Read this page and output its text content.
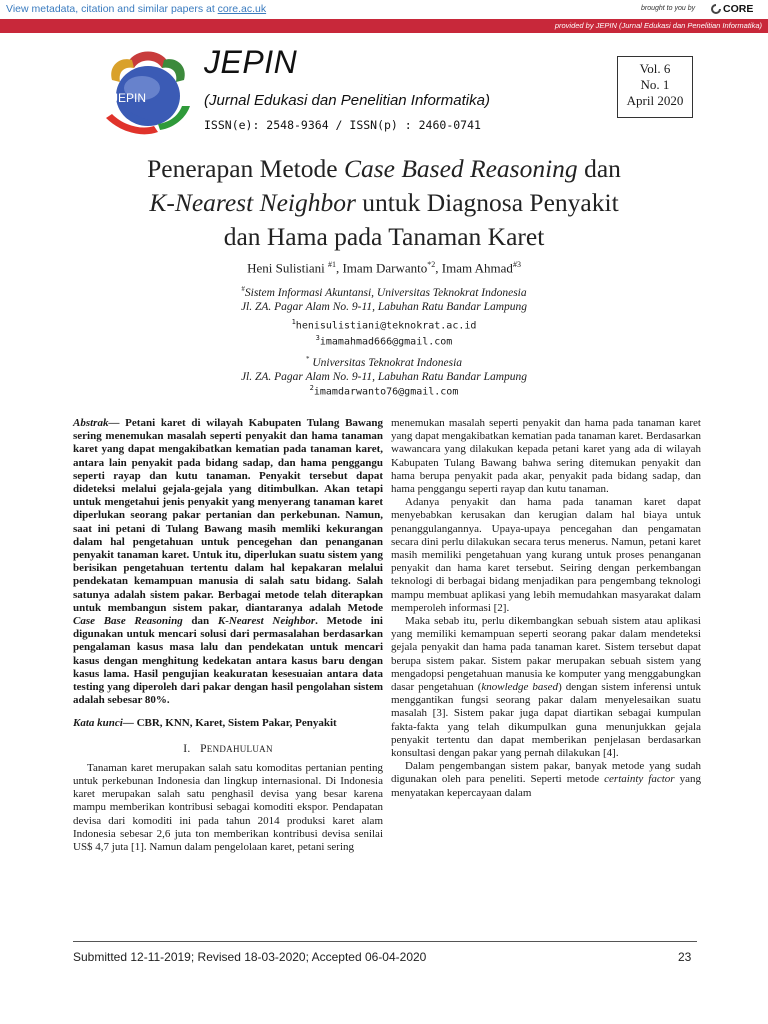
View metadata, citation and similar papers at core.ac.uk	brought to you by	CORE
provided by JEPIN (Jurnal Edukasi dan Penelitian Informatika)
JEPIN
JEPIN
(Jurnal Edukasi dan Penelitian Informatika)
ISSN(e): 2548-9364 / ISSN(p) : 2460-0741
Vol. 6
No. 1
April 2020
Penerapan Metode Case Based Reasoning dan
K-Nearest Neighbor untuk Diagnosa Penyakit
dan Hama pada Tanaman Karet
Heni Sulistiani $^{\#1}$, Imam Darwanto$^{*2}$, Imam Ahmad$^{\#3}$
#Sistem Informasi Akuntansi, Universitas Teknokrat Indonesia
Jl. ZA. Pagar Alam No. 9-11, Labuhan Ratu Bandar Lampung
$^1$henisulistiani@teknokrat.ac.id
$^3$imamahmad666@gmail.com
* Universitas Teknokrat Indonesia
Jl. ZA. Pagar Alam No. 9-11, Labuhan Ratu Bandar Lampung
$^2$imamdarwanto76@gmail.com

Abstrak— Petani karet di wilayah Kabupaten Tulang Bawang sering menemukan masalah seperti penyakit dan hama tanaman karet yang dapat mengakibatkan kematian pada tanaman karet, antara lain penyakit pada bidang sadap, dan hama penggangu seperti rayap dan kutu tanaman. Penyakit tersebut dapat dideteksi melalui gejala-gejala yang ditimbulkan. Akan tetapi untuk mengetahui jenis penyakit yang menyerang tanaman karet diperlukan seorang pakar pertanian dan perkebunan. Namun, saat ini petani di Tulang Bawang masih memliki kekurangan dalam hal pengetahuan untuk pencegehan dan penanganan penyakit tanaman karet. Untuk itu, diperlukan suatu sistem yang berisikan pengetahuan tertentu dalam hal kepakaran melalui pendekatan kemampuan manusia di salah satu bidang. Salah satunya adalah sistem pakar. Berbagai metode telah diterapkan untuk membangun sistem pakar, diantaranya adalah Metode Case Base Reasoning dan K-Nearest Neighbor. Metode ini digunakan untuk mencari solusi dari permasalahan berdasarkan pengalaman kasus masa lalu dan pendekatan untuk mencari kasus dengan menghitung kedekatan antara kasus baru dengan kasus lama. Hasil pengujian keakuratan kesesuaian antara data testing yang diperoleh dari pakar dengan hasil pengolahan sistem adalah sebesar 80%.

Kata kunci— CBR, KNN, Karet, Sistem Pakar, Penyakit

I. PENDAHULUAN

Tanaman karet merupakan salah satu komoditas pertanian penting untuk perkebunan Indonesia dan lingkup internasional. Di Indonesia karet merupakan salah satu penghasil devisa yang besar karena mampu memberikan kontribusi sebagai komoditi ekspor. Pendapatan devisa dari komoditi ini pada tahun 2014 produksi karet alam Indonesia sebesar 2,6 juta ton memberikan kontribusi devisa senilai US$ 4,7 juta [1]. Namun dalam pengelolaan karet, petani sering

menemukan masalah seperti penyakit dan hama pada tanaman karet yang dapat mengakibatkan kematian pada tanaman karet. Berdasarkan wawancara yang dilakukan kepada petani karet yang ada di wilayah Kabupaten Tulang Bawang bahwa sering ditemukan penyakit dan hama berupa penyakit pada akar, penyakit pada bidang sadap, dan hama penggangu seperti rayap dan kutu tanaman.

Adanya penyakit dan hama pada tanaman karet dapat menyebabkan kerusakan dan kerugian dalam hal biaya untuk penanggulangannya. Upaya-upaya pencegahan dan pengamatan secara dini perlu dilakukan secara terus menerus. Namun, petani karet masih memiliki pengetahuan yang kurang untuk proses penanganan penyakit dan hama karet tersebut. Seiring dengan perkembangan teknologi di berbagai bidang menjadikan para pengembang teknologi mampu membuat aplikasi yang lebih memudahkan masyarakat dalam memperoleh informasi [2].

Maka sebab itu, perlu dikembangkan sebuah sistem atau aplikasi yang memiliki kemampuan seperti seorang pakar dalam mendeteksi gejala penyakit dan hama pada tanaman karet. Sistem tersebut dapat berupa sistem pakar. Sistem pakar merupakan sebuah sistem yang mengadopsi pengetahuan manusia ke komputer yang menggabungkan dasar pengetahuan (knowledge based) dengan sistem inferensi untuk menggantikan fungsi seorang pakar dalam menyelesaikan suatu masalah [3]. Sistem pakar juga dapat diartikan sebagai kumpulan fakta-fakta yang telah dikumpulkan guna menunjukkan gejala penyakit tertentu dan dapat memberikan penjelasan berdasarkan konsultasi dengan pakar yang pernah dilakukan [4].

Dalam pengembangan sistem pakar, banyak metode yang sudah digunakan oleh para peneliti. Seperti metode certainty factor yang menyatakan kepercayaan dalam

Submitted 12-11-2019; Revised 18-03-2020; Accepted 06-04-2020	23
